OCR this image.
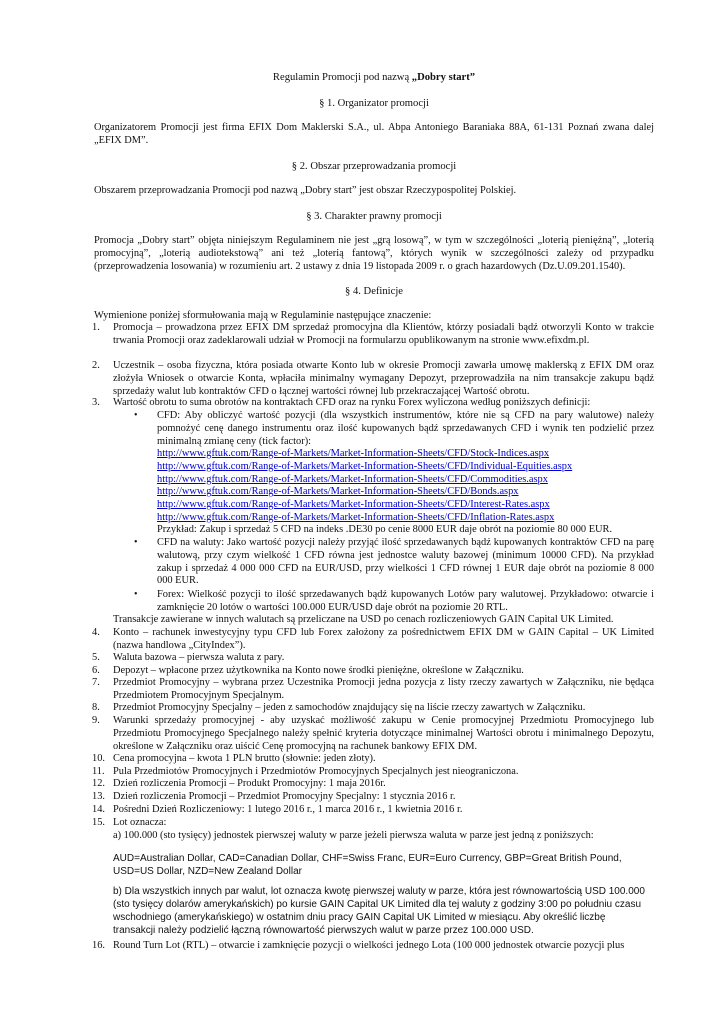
Regulamin Promocji pod nazwą „Dobry start”
§ 1. Organizator promocji

Organizatorem Promocji jest firma EFIX Dom Maklerski S.A., ul. Abpa Antoniego Baraniaka 88A, 61-131 Poznań zwana dalej „EFIX DM”.

§ 2. Obszar przeprowadzania promocji

Obszarem przeprowadzania Promocji pod nazwą „Dobry start” jest obszar Rzeczypospolitej Polskiej.

§ 3. Charakter prawny promocji

Promocja „Dobry start” objęta niniejszym Regulaminem nie jest „grą losową”, w tym w szczególności „loterią pieniężną”, „loterią promocyjną”, „loterią audiotekstową” ani też „loterią fantową”, których wynik w szczególności zależy od przypadku (przeprowadzenia losowania) w rozumieniu art. 2 ustawy z dnia 19 listopada 2009 r. o grach hazardowych (Dz.U.09.201.1540).

§ 4. Definicje

Wymienione poniżej sformułowania mają w Regulaminie następujące znaczenie:

1.	Promocja – prowadzona przez EFIX DM sprzedaż promocyjna dla Klientów, którzy posiadali bądź otworzyli Konto w trakcie trwania Promocji oraz zadeklarowali udział w Promocji na formularzu opublikowanym na stronie www.efixdm.pl.

2.	Uczestnik – osoba fizyczna, która posiada otwarte Konto lub w okresie Promocji zawarła umowę maklerską z EFIX DM oraz złożyła Wniosek o otwarcie Konta, wpłaciła minimalny wymagany Depozyt, przeprowadziła na nim transakcje zakupu bądź sprzedaży walut lub kontraktów CFD o łącznej wartości równej lub przekraczającej Wartość obrotu.

3.	Wartość obrotu to suma obrotów na kontraktach CFD oraz na rynku Forex wyliczona według poniższych definicji:

• CFD: Aby obliczyć wartość pozycji (dla wszystkich instrumentów, które nie są CFD na pary walutowe) należy pomnożyć cenę danego instrumentu oraz ilość kupowanych bądź sprzedawanych CFD i wynik ten podzielić przez minimalną zmianę ceny (tick factor):

http://www.gftuk.com/Range-of-Markets/Market-Information-Sheets/CFD/Stock-Indices.aspx
http://www.gftuk.com/Range-of-Markets/Market-Information-Sheets/CFD/Individual-Equities.aspx
http://www.gftuk.com/Range-of-Markets/Market-Information-Sheets/CFD/Commodities.aspx
http://www.gftuk.com/Range-of-Markets/Market-Information-Sheets/CFD/Bonds.aspx
http://www.gftuk.com/Range-of-Markets/Market-Information-Sheets/CFD/Interest-Rates.aspx
http://www.gftuk.com/Range-of-Markets/Market-Information-Sheets/CFD/Inflation-Rates.aspx

Przykład: Zakup i sprzedaż 5 CFD na indeks .DE30 po cenie 8000 EUR daje obrót na poziomie 80 000 EUR.

• CFD na waluty: Jako wartość pozycji należy przyjąć ilość sprzedawanych bądź kupowanych kontraktów CFD na parę walutową, przy czym wielkość 1 CFD równa jest jednostce waluty bazowej (minimum 10000 CFD). Na przykład zakup i sprzedaż 4 000 000 CFD na EUR/USD, przy wielkości 1 CFD równej 1 EUR daje obrót na poziomie 8 000 000 EUR.

• Forex: Wielkość pozycji to ilość sprzedawanych bądź kupowanych Lotów pary walutowej. Przykładowo: otwarcie i zamknięcie 20 lotów o wartości 100.000 EUR/USD daje obrót na poziomie 20 RTL.

Transakcje zawierane w innych walutach są przeliczane na USD po cenach rozliczeniowych GAIN Capital UK Limited.

4.	Konto – rachunek inwestycyjny typu CFD lub Forex założony za pośrednictwem EFIX DM w GAIN Capital – UK Limited (nazwa handlowa „CityIndex”).

5.	Waluta bazowa – pierwsza waluta z pary.

6.	Depozyt – wpłacone przez użytkownika na Konto nowe środki pieniężne, określone w Załączniku.

7.	Przedmiot Promocyjny – wybrana przez Uczestnika Promocji jedna pozycja z listy rzeczy zawartych w Załączniku, nie będąca Przedmiotem Promocyjnym Specjalnym.

8.	Przedmiot Promocyjny Specjalny – jeden z samochodów znajdujący się na liście rzeczy zawartych w Załączniku.

9.	Warunki sprzedaży promocyjnej - aby uzyskać możliwość zakupu w Cenie promocyjnej Przedmiotu Promocyjnego lub Przedmiotu Promocyjnego Specjalnego należy spełnić kryteria dotyczące minimalnej Wartości obrotu i minimalnego Depozytu, określone w Załączniku oraz uiścić Cenę promocyjną na rachunek bankowy EFIX DM.

10. Cena promocyjna – kwota 1 PLN brutto (słownie: jeden złoty).

11. Pula Przedmiotów Promocyjnych i Przedmiotów Promocyjnych Specjalnych jest nieograniczona.

12. Dzień rozliczenia Promocji – Produkt Promocyjny: 1 maja 2016r.

13. Dzień rozliczenia Promocji – Przedmiot Promocyjny Specjalny: 1 stycznia 2016 r.

14. Pośredni Dzień Rozliczeniowy: 1 lutego 2016 r., 1 marca 2016 r., 1 kwietnia 2016 r.

15. Lot oznacza:

a) 100.000 (sto tysięcy) jednostek pierwszej waluty w parze jeżeli pierwsza waluta w parze jest jedną z poniższych:

AUD=Australian Dollar, CAD=Canadian Dollar, CHF=Swiss Franc, EUR=Euro Currency, GBP=Great British Pound,
USD=US Dollar, NZD=New Zealand Dollar
b) Dla wszystkich innych par walut, lot oznacza kwotę pierwszej waluty w parze, która jest równowartością USD 100.000
(sto tysięcy dolarów amerykańskich) po kursie GAIN Capital UK Limited dla tej waluty z godziny 3:00 po południu czasu
wschodniego (amerykańskiego) w ostatnim dniu pracy GAIN Capital UK Limited w miesiącu. Aby określić liczbę
transakcji należy podzielić łączną równowartość pierwszych walut w parze przez 100.000 USD.
16. Round Turn Lot (RTL) – otwarcie i zamknięcie pozycji o wielkości jednego Lota (100 000 jednostek otwarcie pozycji plus
